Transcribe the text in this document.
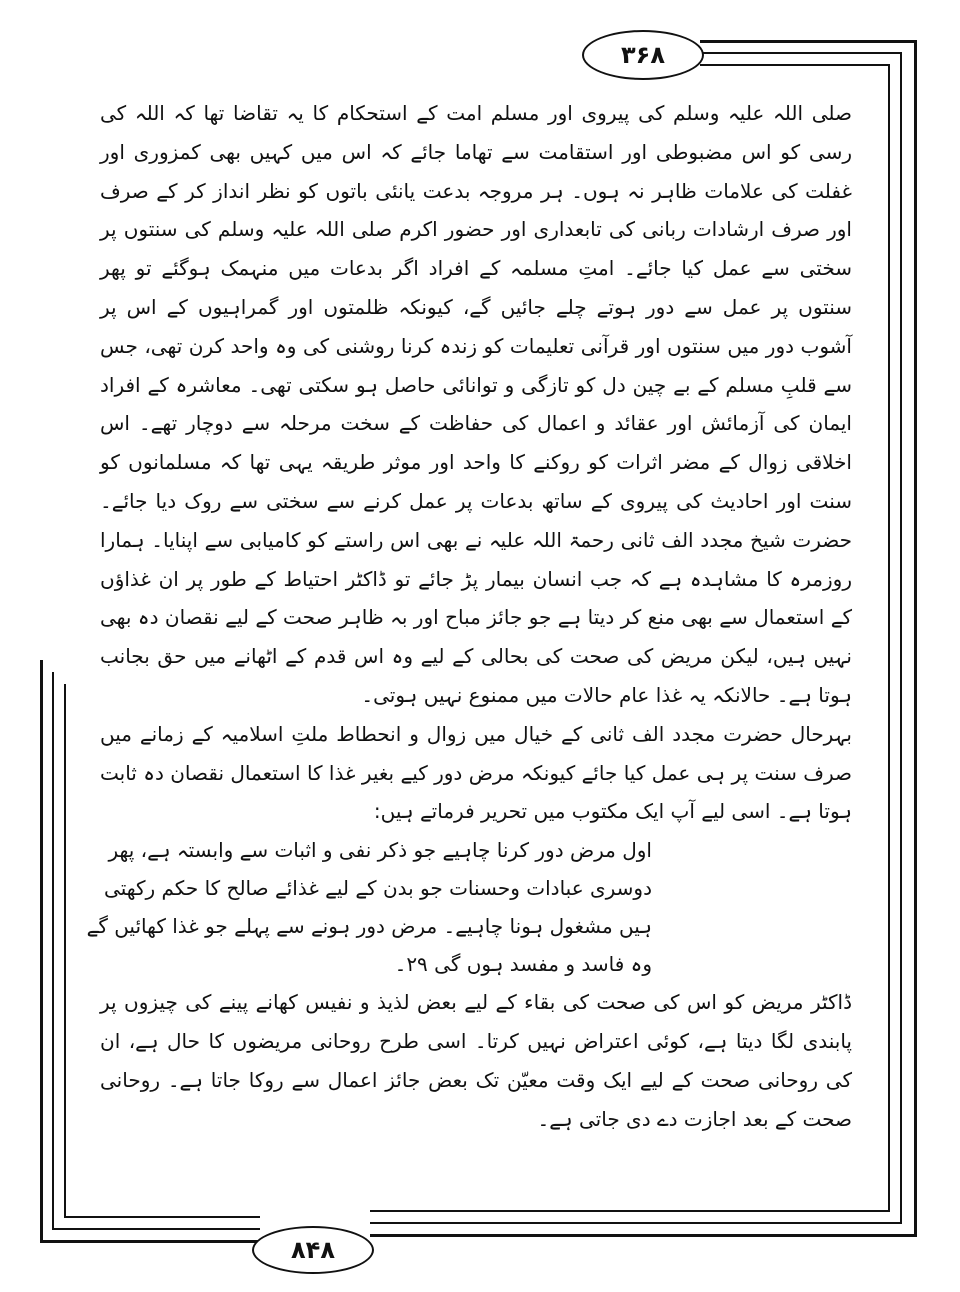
۳۶۸
۸۴۸

صلی اللہ علیہ وسلم کی پیروی اور مسلم امت کے استحکام کا یہ تقاضا تھا کہ اللہ کی رسی کو اس مضبوطی اور استقامت سے تھاما جائے کہ اس میں کہیں بھی کمزوری اور غفلت کی علامات ظاہر نہ ہوں۔ ہر مروجہ بدعت یانئی باتوں کو نظر انداز کر کے صرف اور صرف ارشادات ربانی کی تابعداری اور حضور اکرم صلی اللہ علیہ وسلم کی سنتوں پر سختی سے عمل کیا جائے۔ امتِ مسلمہ کے افراد اگر بدعات میں منہمک ہوگئے تو پھر سنتوں پر عمل سے دور ہوتے چلے جائیں گے، کیونکہ ظلمتوں اور گمراہیوں کے اس پر آشوب دور میں سنتوں اور قرآنی تعلیمات کو زندہ کرنا روشنی کی وہ واحد کرن تھی، جس سے قلبِ مسلم کے بے چین دل کو تازگی و توانائی حاصل ہو سکتی تھی۔ معاشرہ کے افراد ایمان کی آزمائش اور عقائد و اعمال کی حفاظت کے سخت مرحلہ سے دوچار تھے۔ اس اخلاقی زوال کے مضر اثرات کو روکنے کا واحد اور موثر طریقہ یہی تھا کہ مسلمانوں کو سنت اور احادیث کی پیروی کے ساتھ بدعات پر عمل کرنے سے سختی سے روک دیا جائے۔ حضرت شیخ مجدد الف ثانی رحمۃ اللہ علیہ نے بھی اس راستے کو کامیابی سے اپنایا۔ ہمارا روزمرہ کا مشاہدہ ہے کہ جب انسان بیمار پڑ جائے تو ڈاکٹر احتیاط کے طور پر ان غذاؤں کے استعمال سے بھی منع کر دیتا ہے جو جائز مباح اور بہ ظاہر صحت کے لیے نقصان دہ بھی نہیں ہیں، لیکن مریض کی صحت کی بحالی کے لیے وہ اس قدم کے اٹھانے میں حق بجانب ہوتا ہے۔ حالانکہ یہ غذا عام حالات میں ممنوع نہیں ہوتی۔

بہرحال حضرت مجدد الف ثانی کے خیال میں زوال و انحطاط ملتِ اسلامیہ کے زمانے میں صرف سنت پر ہی عمل کیا جائے کیونکہ مرض دور کیے بغیر غذا کا استعمال نقصان دہ ثابت ہوتا ہے۔ اسی لیے آپ ایک مکتوب میں تحریر فرماتے ہیں:

اول مرض دور کرنا چاہیے جو ذکر نفی و اثبات سے وابستہ ہے، پھر
دوسری عبادات وحسنات جو بدن کے لیے غذائے صالح کا حکم رکھتی
ہیں مشغول ہونا چاہیے۔ مرض دور ہونے سے پہلے جو غذا کھائیں گے
وہ فاسد و مفسد ہوں گی ۲۹۔

ڈاکٹر مریض کو اس کی صحت کی بقاء کے لیے بعض لذیذ و نفیس کھانے پینے کی چیزوں پر پابندی لگا دیتا ہے، کوئی اعتراض نہیں کرتا۔ اسی طرح روحانی مریضوں کا حال ہے، ان کی روحانی صحت کے لیے ایک وقت معیّن تک بعض جائز اعمال سے روکا جاتا ہے۔ روحانی صحت کے بعد اجازت دے دی جاتی ہے۔
